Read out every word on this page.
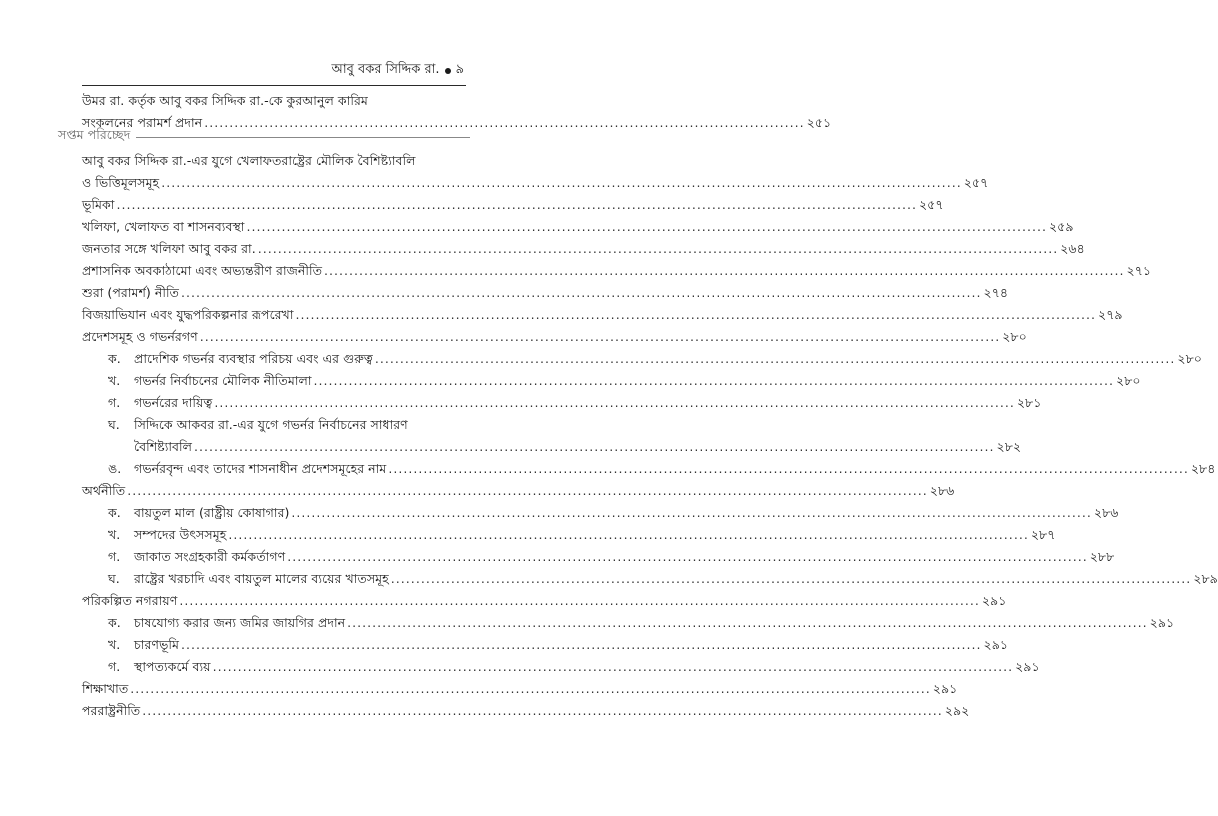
আবু বকর সিদ্দিক রা. ৯
উমর রা. কর্তৃক আবু বকর সিদ্দিক রা.-কে কুরআনুল কারিম
সংকলনের পরামর্শ প্রদান ........................................................................................................................ ২৫১
সপ্তম পরিচ্ছেদ
আবু বকর সিদ্দিক রা.-এর যুগে খেলাফতরাষ্ট্রের মৌলিক বৈশিষ্ট্যাবলি
ও ভিত্তিমূলসমূহ ................................................................................................................................................................ ২৫৭
ভূমিকা ................................................................................................................................................................ ২৫৭
খলিফা, খেলাফত বা শাসনব্যবস্থা ................................................................................................................................................................ ২৫৯
জনতার সঙ্গে খলিফা আবু বকর রা. ................................................................................................................................................................ ২৬৪
প্রশাসনিক অবকাঠামো এবং অভ্যন্তরীণ রাজনীতি ................................................................................................................................................................ ২৭১
শুরা (পরামর্শ) নীতি ................................................................................................................................................................ ২৭৪
বিজয়াভিযান এবং যুদ্ধপরিকল্পনার রূপরেখা ................................................................................................................................................................ ২৭৯
প্রদেশসমূহ ও গভর্নরগণ ................................................................................................................................................................ ২৮০
ক.	প্রাদেশিক গভর্নর ব্যবস্থার পরিচয় এবং এর গুরুত্ব ................................................................................................................................................................ ২৮০
খ.	গভর্নর নির্বাচনের মৌলিক নীতিমালা ................................................................................................................................................................ ২৮০
গ.	গভর্নরের দায়িত্ব ................................................................................................................................................................ ২৮১
ঘ.	সিদ্দিকে আকবর রা.-এর যুগে গভর্নর নির্বাচনের সাধারণ
বৈশিষ্ট্যাবলি ................................................................................................................................................................ ২৮২
ঙ.	গভর্নরবৃন্দ এবং তাদের শাসনাধীন প্রদেশসমূহের নাম ................................................................................................................................................................ ২৮৪
অর্থনীতি ................................................................................................................................................................ ২৮৬
ক.	বায়তুল মাল (রাষ্ট্রীয় কোষাগার) ................................................................................................................................................................ ২৮৬
খ.	সম্পদের উৎসসমূহ ................................................................................................................................................................ ২৮৭
গ.	জাকাত সংগ্রহকারী কর্মকর্তাগণ ................................................................................................................................................................ ২৮৮
ঘ.	রাষ্ট্রের খরচাদি এবং বায়তুল মালের ব্যয়ের খাতসমূহ ................................................................................................................................................................ ২৮৯
পরিকল্পিত নগরায়ণ ................................................................................................................................................................ ২৯১
ক.	চাষযোগ্য করার জন্য জমির জায়গির প্রদান ................................................................................................................................................................ ২৯১
খ.	চারণভূমি ................................................................................................................................................................ ২৯১
গ.	স্থাপত্যকর্মে ব্যয় ................................................................................................................................................................ ২৯১
শিক্ষাখাত ................................................................................................................................................................ ২৯১
পররাষ্ট্রনীতি ................................................................................................................................................................ ২৯২
